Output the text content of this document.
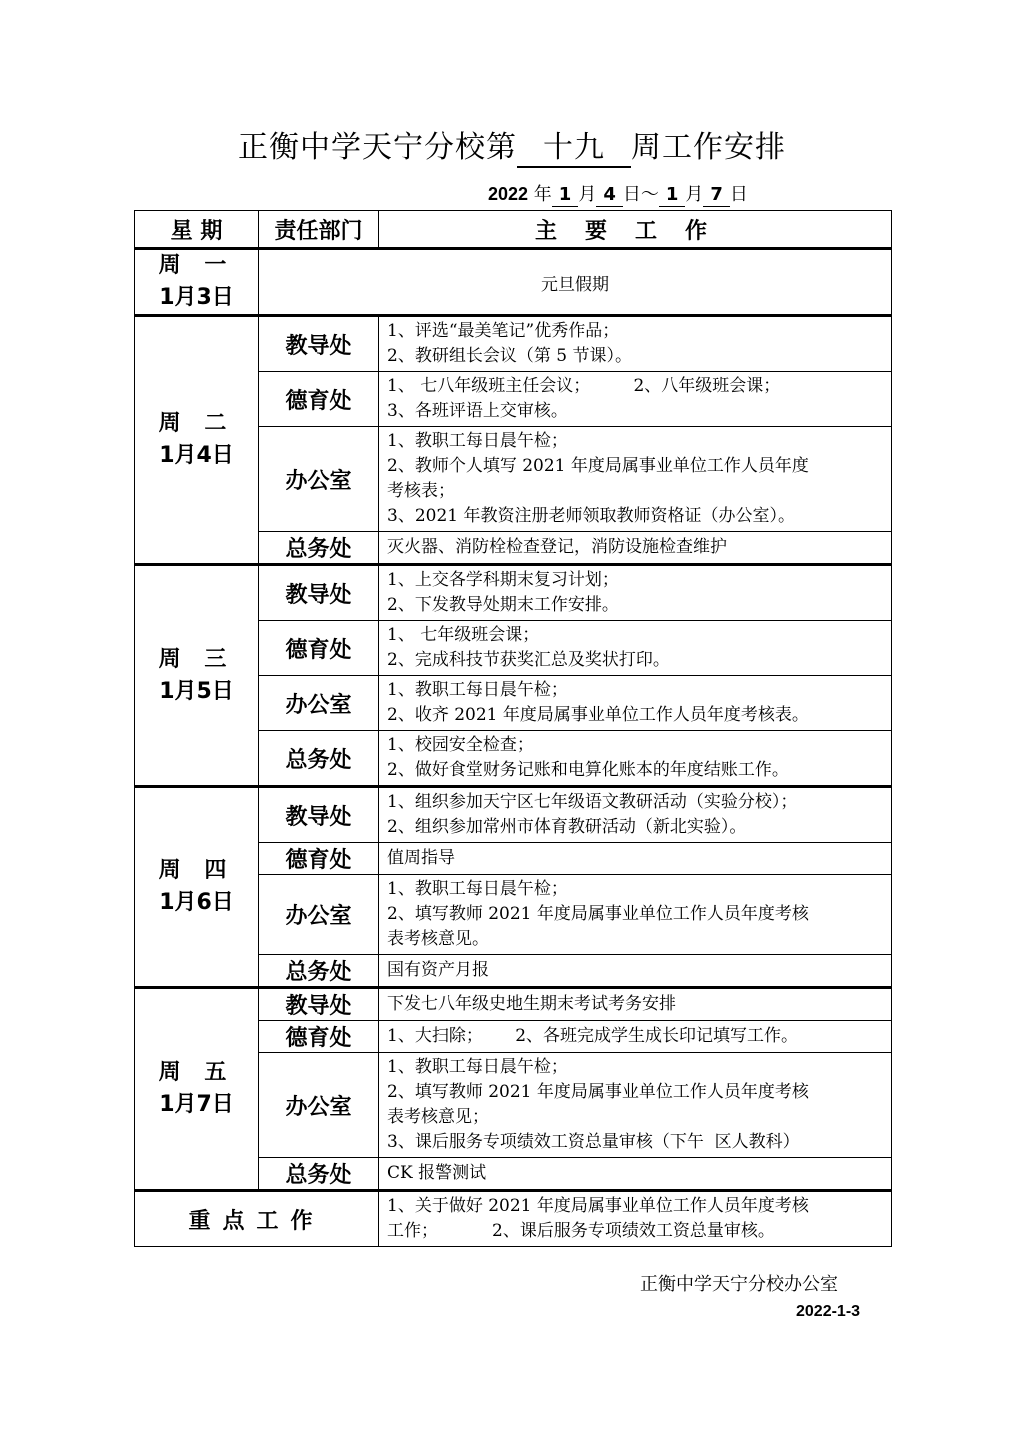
正衡中学天宁分校第 十九 周工作安排
2022 年 1 月 4 日～ 1 月 7 日
星 期	责任部门	主要工作

周 一
1月3日	元旦假期	

周 二
1月4日	教导处	1、评选“最美笔记”优秀作品；
2、教研组长会议（第 5 节课）。

	德育处	1、 七八年级班主任会议；        2、八年级班会课；
3、各班评语上交审核。

	办公室	1、教职工每日晨午检；
2、教师个人填写 2021 年度局属事业单位工作人员年度
考核表；
3、2021 年教资注册老师领取教师资格证（办公室）。

	总务处	灭火器、消防栓检查登记，消防设施检查维护

周 三
1月5日	教导处	1、上交各学科期末复习计划；
2、下发教导处期末工作安排。

	德育处	1、 七年级班会课；
2、完成科技节获奖汇总及奖状打印。

	办公室	1、教职工每日晨午检；
2、收齐 2021 年度局属事业单位工作人员年度考核表。

	总务处	1、校园安全检查；
2、做好食堂财务记账和电算化账本的年度结账工作。

周 四
1月6日	教导处	1、组织参加天宁区七年级语文教研活动（实验分校）；
2、组织参加常州市体育教研活动（新北实验）。

	德育处	值周指导

	办公室	1、教职工每日晨午检；
2、填写教师 2021 年度局属事业单位工作人员年度考核
表考核意见。

	总务处	国有资产月报

周 五
1月7日	教导处	下发七八年级史地生期末考试考务安排

	德育处	1、大扫除；      2、各班完成学生成长印记填写工作。

	办公室	1、教职工每日晨午检；
2、填写教师 2021 年度局属事业单位工作人员年度考核
表考核意见；
3、课后服务专项绩效工资总量审核（下午  区人教科）

	总务处	CK 报警测试

重点工作		1、关于做好 2021 年度局属事业单位工作人员年度考核
工作；          2、课后服务专项绩效工资总量审核。
正衡中学天宁分校办公室
2022-1-3
